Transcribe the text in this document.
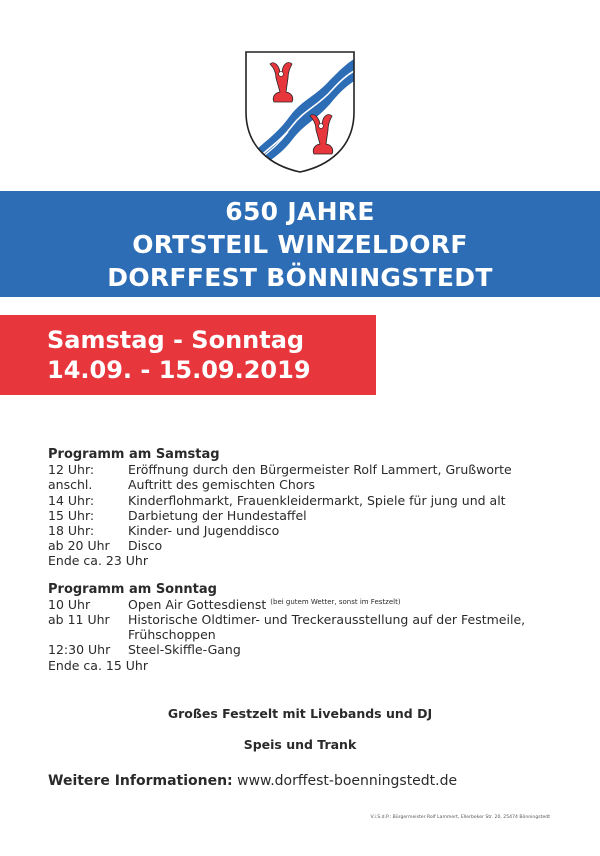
650 JAHRE
ORTSTEIL WINZELDORF
DORFFEST BÖNNINGSTEDT
Samstag - Sonntag
14.09. - 15.09.2019
Programm am Samstag
12 Uhr:	Eröffnung durch den Bürgermeister Rolf Lammert, Grußworte
anschl.	Auftritt des gemischten Chors
14 Uhr:	Kinderflohmarkt, Frauenkleidermarkt, Spiele für jung und alt
15 Uhr:	Darbietung der Hundestaffel
18 Uhr:	Kinder- und Jugenddisco
ab 20 Uhr	Disco
Ende ca. 23 Uhr
Programm am Sonntag
10 Uhr	Open Air Gottesdienst $^{(bei gutem Wetter, sonst im Festzelt)}$
ab 11 Uhr	Historische Oldtimer- und Treckerausstellung auf der Festmeile, Frühschoppen
12:30 Uhr	Steel-Skiffle-Gang
Ende ca. 15 Uhr
Großes Festzelt mit Livebands und DJ
Speis und Trank
Weitere Informationen: www.dorffest-boenningstedt.de
V.i.S.d.P.: Bürgermeister Rolf Lammert, Ellerbeker Str. 20, 25474 Bönningstedt
